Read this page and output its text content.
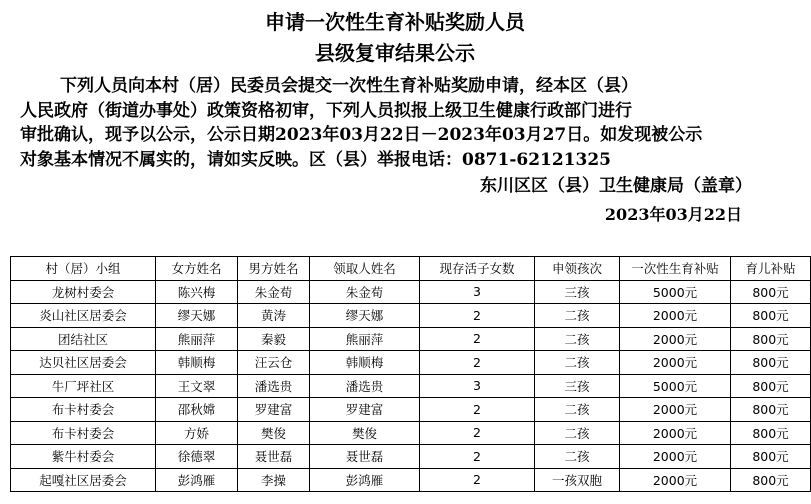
申请一次性生育补贴奖励人员
县级复审结果公示
下列人员向本村（居）民委员会提交一次性生育补贴奖励申请，经本区（县）
人民政府（街道办事处）政策资格初审，下列人员拟报上级卫生健康行政部门进行
审批确认，现予以公示，公示日期2023年03月22日－2023年03月27日。如发现被公示
对象基本情况不属实的，请如实反映。区（县）举报电话：0871-62121325
东川区区（县）卫生健康局（盖章）
2023年03月22日
村（居）小组	女方姓名	男方姓名	领取人姓名	现存活子女数	申领孩次	一次性生育补贴	育儿补贴
龙树村委会	陈兴梅	朱金荀	朱金荀	3	三孩	5000元	800元
炎山社区居委会	缪天娜	黄涛	缪天娜	2	二孩	2000元	800元
团结社区	熊丽萍	秦毅	熊丽萍	2	二孩	2000元	800元
达贝社区居委会	韩顺梅	汪云仓	韩顺梅	2	二孩	2000元	800元
牛厂坪社区	王文翠	潘选贵	潘选贵	3	三孩	5000元	800元
布卡村委会	邵秋嫦	罗建富	罗建富	2	二孩	2000元	800元
布卡村委会	方娇	樊俊	樊俊	2	二孩	2000元	800元
紫牛村委会	徐德翠	聂世磊	聂世磊	2	二孩	2000元	800元
起嘎社区居委会	彭鸿雁	李操	彭鸿雁	2	一孩双胞	2000元	800元
